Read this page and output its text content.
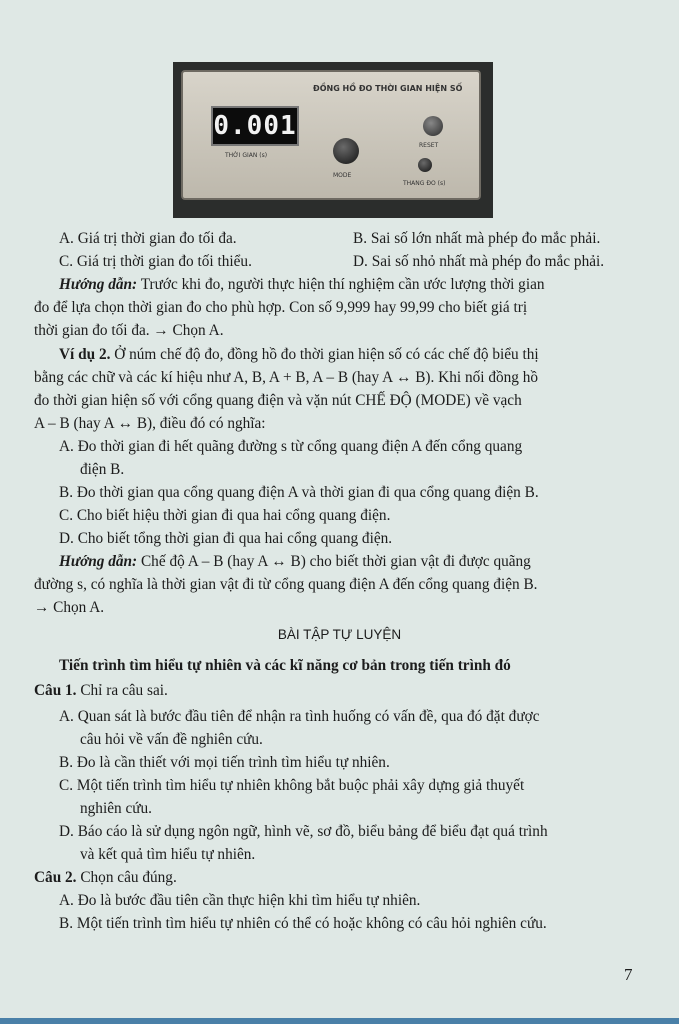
ĐỒNG HỒ ĐO THỜI GIAN HIỆN SỐ
0.001
THỜI GIAN (s)
MODE
RESET
THANG ĐO (s)
A. Giá trị thời gian đo tối đa.	B. Sai số lớn nhất mà phép đo mắc phải.
C. Giá trị thời gian đo tối thiểu.	D. Sai số nhỏ nhất mà phép đo mắc phải.
Hướng dẫn: Trước khi đo, người thực hiện thí nghiệm cần ước lượng thời gian
đo để lựa chọn thời gian đo cho phù hợp. Con số 9,999 hay 99,99 cho biết giá trị
thời gian đo tối đa. → Chọn A.
Ví dụ 2. Ở núm chế độ đo, đồng hồ đo thời gian hiện số có các chế độ biểu thị
bằng các chữ và các kí hiệu như A, B, A + B, A – B (hay A ↔ B). Khi nối đồng hồ
đo thời gian hiện số với cổng quang điện và vặn nút CHẾ ĐỘ (MODE) về vạch
A – B (hay A ↔ B), điều đó có nghĩa:
A. Đo thời gian đi hết quãng đường s từ cổng quang điện A đến cổng quang
điện B.
B. Đo thời gian qua cổng quang điện A và thời gian đi qua cổng quang điện B.
C. Cho biết hiệu thời gian đi qua hai cổng quang điện.
D. Cho biết tổng thời gian đi qua hai cổng quang điện.
Hướng dẫn: Chế độ A – B (hay A ↔ B) cho biết thời gian vật đi được quãng
đường s, có nghĩa là thời gian vật đi từ cổng quang điện A đến cổng quang điện B.
→ Chọn A.
BÀI TẬP TỰ LUYỆN
Tiến trình tìm hiểu tự nhiên và các kĩ năng cơ bản trong tiến trình đó
Câu 1. Chỉ ra câu sai.
A. Quan sát là bước đầu tiên để nhận ra tình huống có vấn đề, qua đó đặt được
câu hỏi về vấn đề nghiên cứu.
B. Đo là cần thiết với mọi tiến trình tìm hiểu tự nhiên.
C. Một tiến trình tìm hiểu tự nhiên không bắt buộc phải xây dựng giả thuyết
nghiên cứu.
D. Báo cáo là sử dụng ngôn ngữ, hình vẽ, sơ đồ, biểu bảng để biểu đạt quá trình
và kết quả tìm hiểu tự nhiên.
Câu 2. Chọn câu đúng.
A. Đo là bước đầu tiên cần thực hiện khi tìm hiểu tự nhiên.
B. Một tiến trình tìm hiểu tự nhiên có thể có hoặc không có câu hỏi nghiên cứu.
7
